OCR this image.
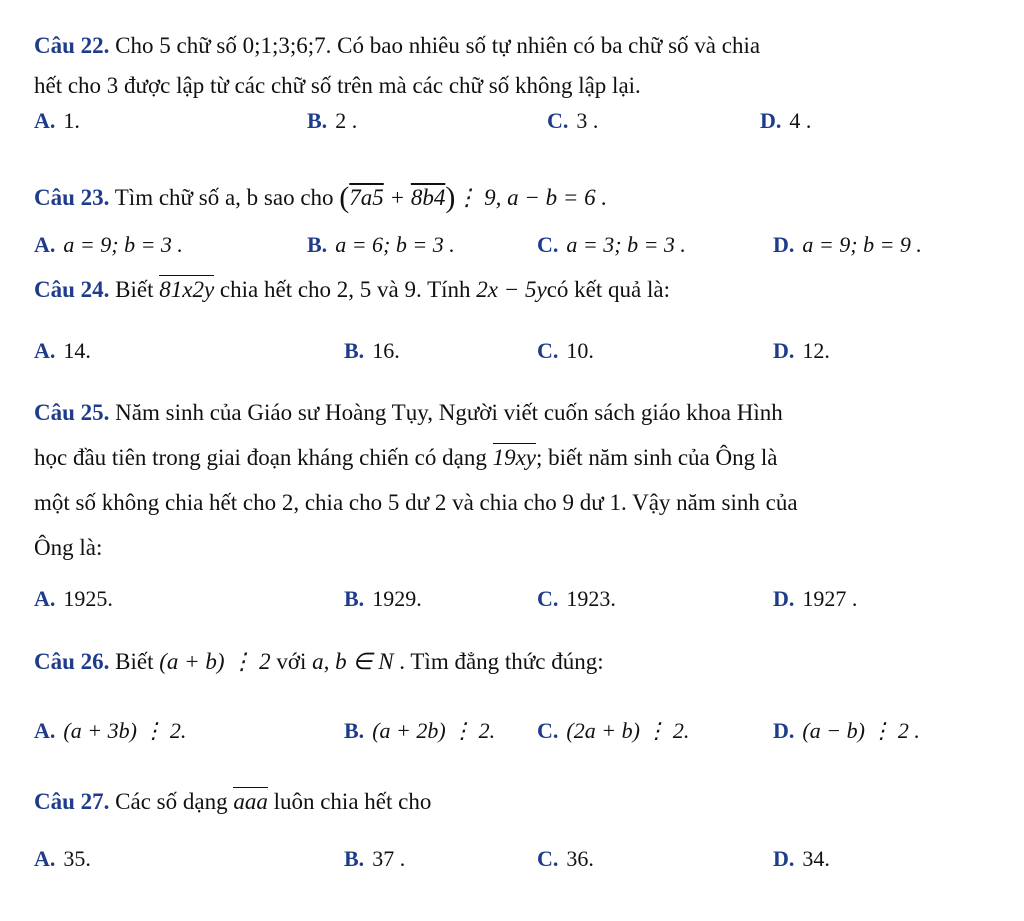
Câu 22. Cho 5 chữ số 0;1;3;6;7. Có bao nhiêu số tự nhiên có ba chữ số và chia
hết cho 3 được lập từ các chữ số trên mà các chữ số không lập lại.
A. 1.	B. 2 .	C. 3 .	D. 4 .
Câu 23. Tìm chữ số a, b sao cho (7a5 + 8b4)⋮ 9, a − b = 6 .
A. a = 9; b = 3 .	B. a = 6; b = 3 .	C. a = 3; b = 3 .	D. a = 9; b = 9 .
Câu 24. Biết 81x2y chia hết cho 2, 5 và 9. Tính 2x − 5ycó kết quả là:
A. 14.	B. 16.	C. 10.	D. 12.
Câu 25. Năm sinh của Giáo sư Hoàng Tụy, Người viết cuốn sách giáo khoa Hình
học đầu tiên trong giai đoạn kháng chiến có dạng 19xy; biết năm sinh của Ông là
một số không chia hết cho 2, chia cho 5 dư 2 và chia cho 9 dư 1. Vậy năm sinh của
Ông là:
A. 1925.	B. 1929.	C. 1923.	D. 1927 .
Câu 26. Biết (a + b) ⋮ 2 với a, b ∈ N . Tìm đẳng thức đúng:
A. (a + 3b) ⋮ 2.	B. (a + 2b) ⋮ 2. C. (2a + b) ⋮ 2.	D. (a − b) ⋮ 2 .
Câu 27. Các số dạng aaa luôn chia hết cho
A. 35.	B. 37 .	C. 36.	D. 34.
